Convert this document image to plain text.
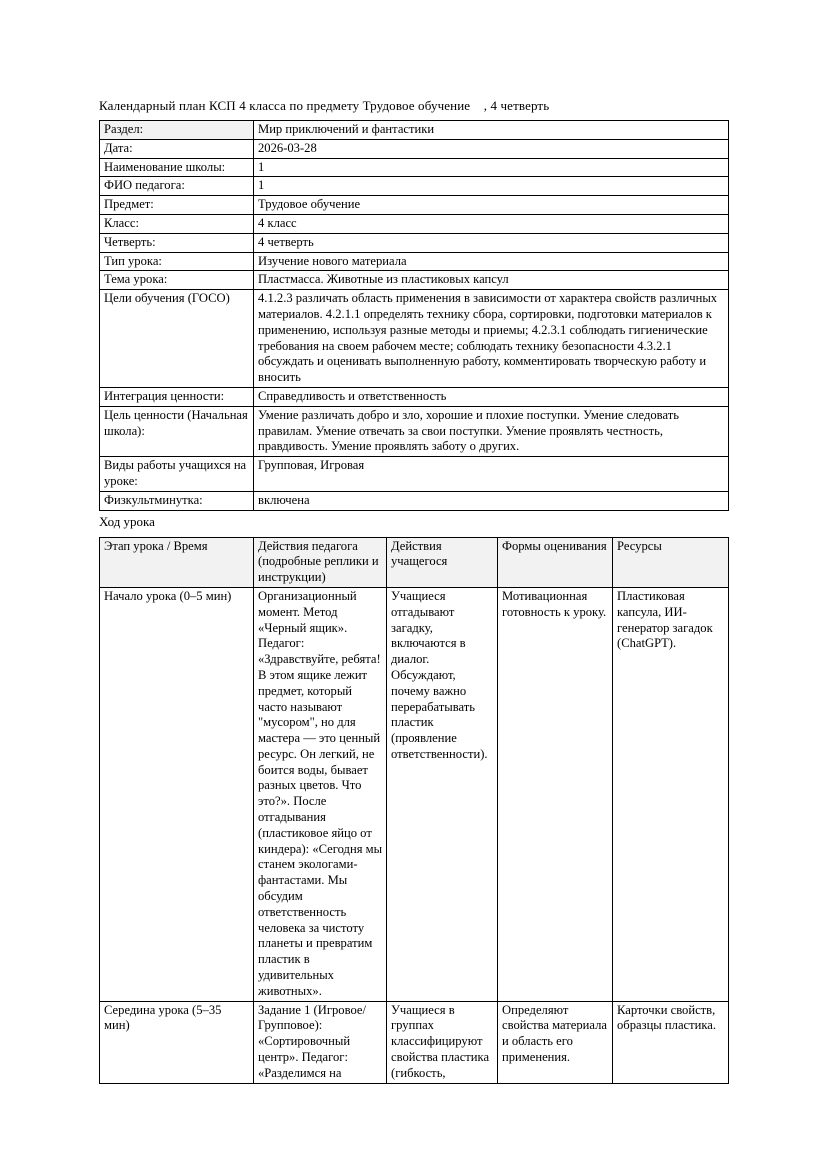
Календарный план КСП 4 класса по предмету Трудовое обучение    , 4 четверть
Раздел:	Мир приключений и фантастики
Дата:	2026-03-28
Наименование школы:	1
ФИО педагога:	1
Предмет:	Трудовое обучение
Класс:	4 класс
Четверть:	4 четверть
Тип урока:	Изучение нового материала
Тема урока:	Пластмасса. Животные из пластиковых капсул
Цели обучения (ГОСО)	4.1.2.3 различать область применения в зависимости от характера свойств различных материалов. 4.2.1.1 определять технику сбора, сортировки, подготовки материалов к применению, используя разные методы и приемы; 4.2.3.1 соблюдать гигиенические требования на своем рабочем месте; соблюдать технику безопасности 4.3.2.1 обсуждать и оценивать выполненную работу, комментировать творческую работу и вносить
Интеграция ценности:	Справедливость и ответственность
Цель ценности (Начальная школа):	Умение различать добро и зло, хорошие и плохие поступки. Умение следовать правилам. Умение отвечать за свои поступки. Умение проявлять честность, правдивость. Умение проявлять заботу о других.
Виды работы учащихся на уроке:	Групповая, Игровая
Физкультминутка:	включена
Ход урока
Этап урока / Время	Действия педагога (подробные реплики и инструкции)	Действия учащегося	Формы оценивания	Ресурсы
Начало урока (0–5 мин)	Организационный момент. Метод «Черный ящик». Педагог: «Здравствуйте, ребята! В этом ящике лежит предмет, который часто называют "мусором", но для мастера — это ценный ресурс. Он легкий, не боится воды, бывает разных цветов. Что это?». После отгадывания (пластиковое яйцо от киндера): «Сегодня мы станем экологами-фантастами. Мы обсудим ответственность человека за чистоту планеты и превратим пластик в удивительных животных».	Учащиеся отгадывают загадку, включаются в диалог. Обсуждают, почему важно перерабатывать пластик (проявление ответственности).	Мотивационная готовность к уроку.	Пластиковая капсула, ИИ-генератор загадок (ChatGPT).
Середина урока (5–35 мин)	Задание 1 (Игровое/Групповое): «Сортировочный центр». Педагог: «Разделимся на	Учащиеся в группах классифицируют свойства пластика (гибкость,	Определяют свойства материала и область его применения.	Карточки свойств, образцы пластика.
